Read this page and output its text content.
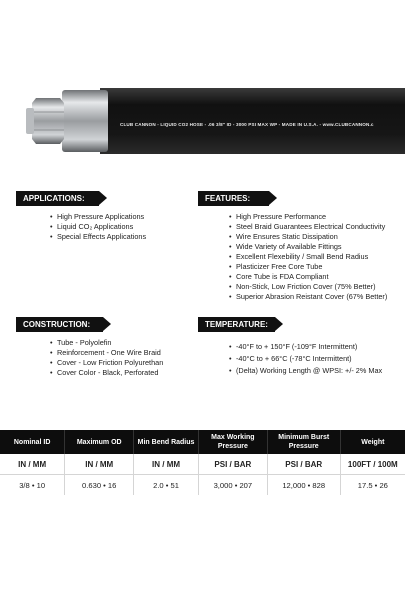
CLUB CANNON - LIQUID CO2 HOSE - .06 3/8" ID - 3000 PSI MAX WP - MADE IN U.S.A. - www.CLUBCANNON.c
APPLICATIONS:
• High Pressure Applications
• Liquid CO₂ Applications
• Special Effects Applications
FEATURES:
• High Pressure Performance
• Steel Braid Guarantees Electrical Conductivity
• Wire Ensures Static Dissipation
• Wide Variety of Available Fittings
• Excellent Flexebility / Small Bend Radius
• Plasticizer Free Core Tube
• Core Tube is FDA Compliant
• Non-Stick, Low Friction Cover (75% Better)
• Superior Abrasion Reistant Cover (67% Better)
CONSTRUCTION:
• Tube - Polyolefin
• Reinforcement - One Wire Braid
• Cover - Low Friction Polyurethan
• Cover Color - Black, Perforated
TEMPERATURE:
• -40°F to + 150°F (-109°F Intermittent)
• -40°C to + 66°C (-78°C Intermittent)
• (Delta) Working Length @ WPSI: +/- 2% Max
Nominal ID	Maximum OD	Min Bend Radius	Max Working Pressure	Minimum Burst Pressure	Weight
IN / MM	IN / MM	IN / MM	PSI / BAR	PSI / BAR	100FT / 100M
3/8 • 10	0.630 • 16	2.0 • 51	3,000 • 207	12,000 • 828	17.5 • 26
